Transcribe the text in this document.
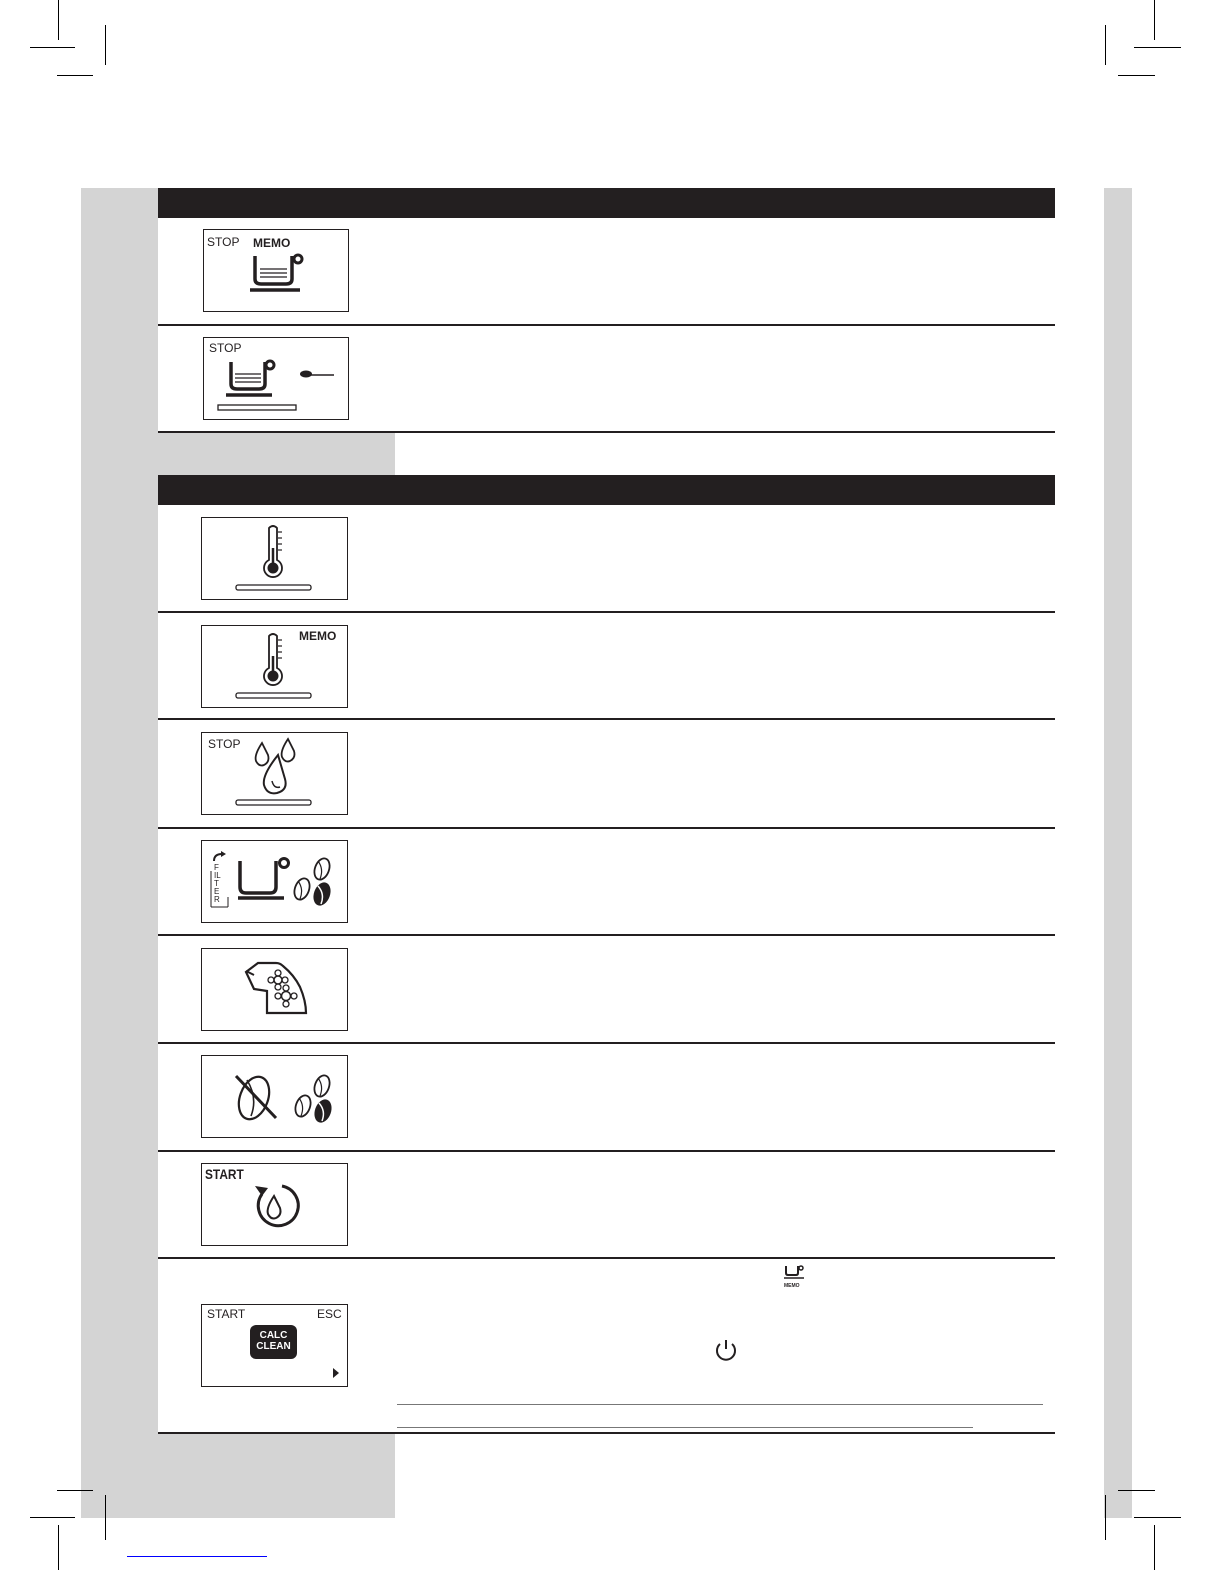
STOP MEMO
STOP
MEMO
STOP
FILTER
START
START	ESC
CALC
CLEAN
MEMO
